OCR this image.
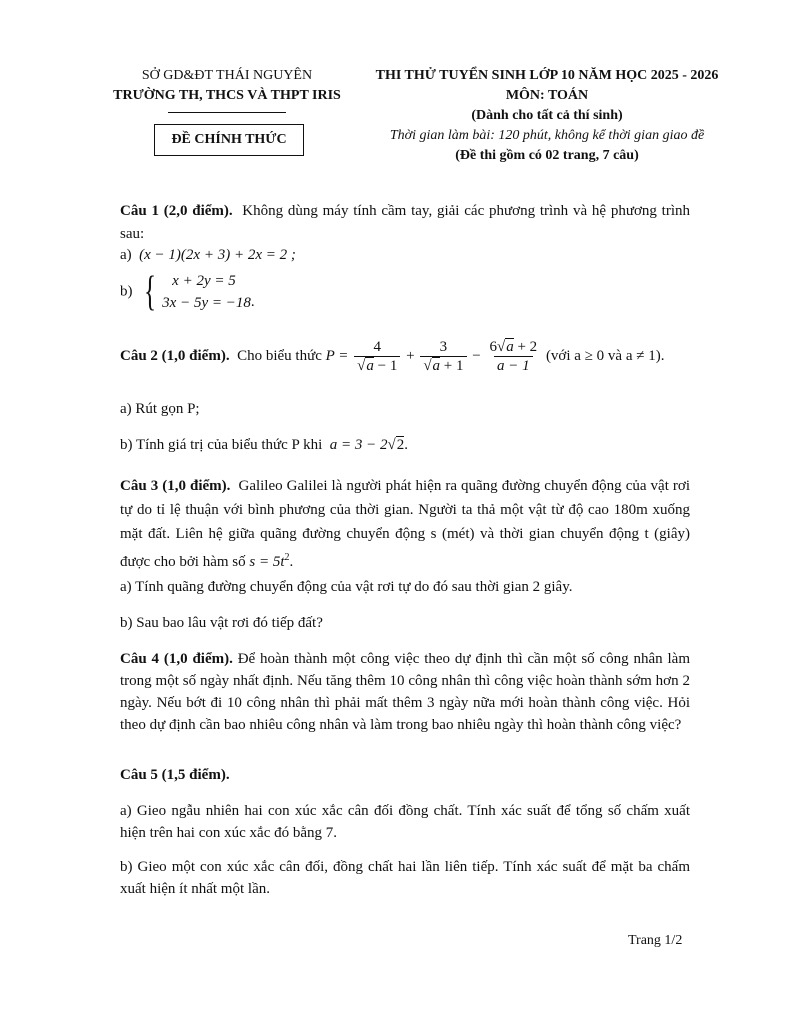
SỞ GD&ĐT THÁI NGUYÊN
TRƯỜNG TH, THCS VÀ THPT IRIS
ĐỀ CHÍNH THỨC
THI THỬ TUYỂN SINH LỚP 10 NĂM HỌC 2025 - 2026
MÔN: TOÁN
(Dành cho tất cả thí sinh)
Thời gian làm bài: 120 phút, không kể thời gian giao đề
(Đề thi gồm có 02 trang, 7 câu)

Câu 1 (2,0 điểm). Không dùng máy tính cầm tay, giải các phương trình và hệ phương trình sau:

a) (x − 1)(2x + 3) + 2x = 2 ;
b) {	x + 2y = 5
3x − 5y = −18 .
Câu 2 (1,0 điểm). Cho biểu thức $P = \frac{4}{√a - 1} + \frac{3}{√a + 1} - \frac{6√a + 2}{a - 1}$ (với a ≥ 0 và a ≠ 1).
a) Rút gọn P;
b) Tính giá trị của biểu thức P khi a = 3 − 2√2.

Câu 3 (1,0 điểm). Galileo Galilei là người phát hiện ra quãng đường chuyển động của vật rơi tự do tỉ lệ thuận với bình phương của thời gian. Người ta thả một vật từ độ cao 180m xuống mặt đất. Liên hệ giữa quãng đường chuyển động s (mét) và thời gian chuyển động t (giây) được cho bởi hàm số $s = 5t^2$.

a) Tính quãng đường chuyển động của vật rơi tự do đó sau thời gian 2 giây.
b) Sau bao lâu vật rơi đó tiếp đất?

Câu 4 (1,0 điểm). Để hoàn thành một công việc theo dự định thì cần một số công nhân làm trong một số ngày nhất định. Nếu tăng thêm 10 công nhân thì công việc hoàn thành sớm hơn 2 ngày. Nếu bớt đi 10 công nhân thì phải mất thêm 3 ngày nữa mới hoàn thành công việc. Hỏi theo dự định cần bao nhiêu công nhân và làm trong bao nhiêu ngày thì hoàn thành công việc?

Câu 5 (1,5 điểm).

a) Gieo ngẫu nhiên hai con xúc xắc cân đối đồng chất. Tính xác suất để tổng số chấm xuất hiện trên hai con xúc xắc đó bằng 7.

b) Gieo một con xúc xắc cân đối, đồng chất hai lần liên tiếp. Tính xác suất để mặt ba chấm xuất hiện ít nhất một lần.

Trang 1/2
